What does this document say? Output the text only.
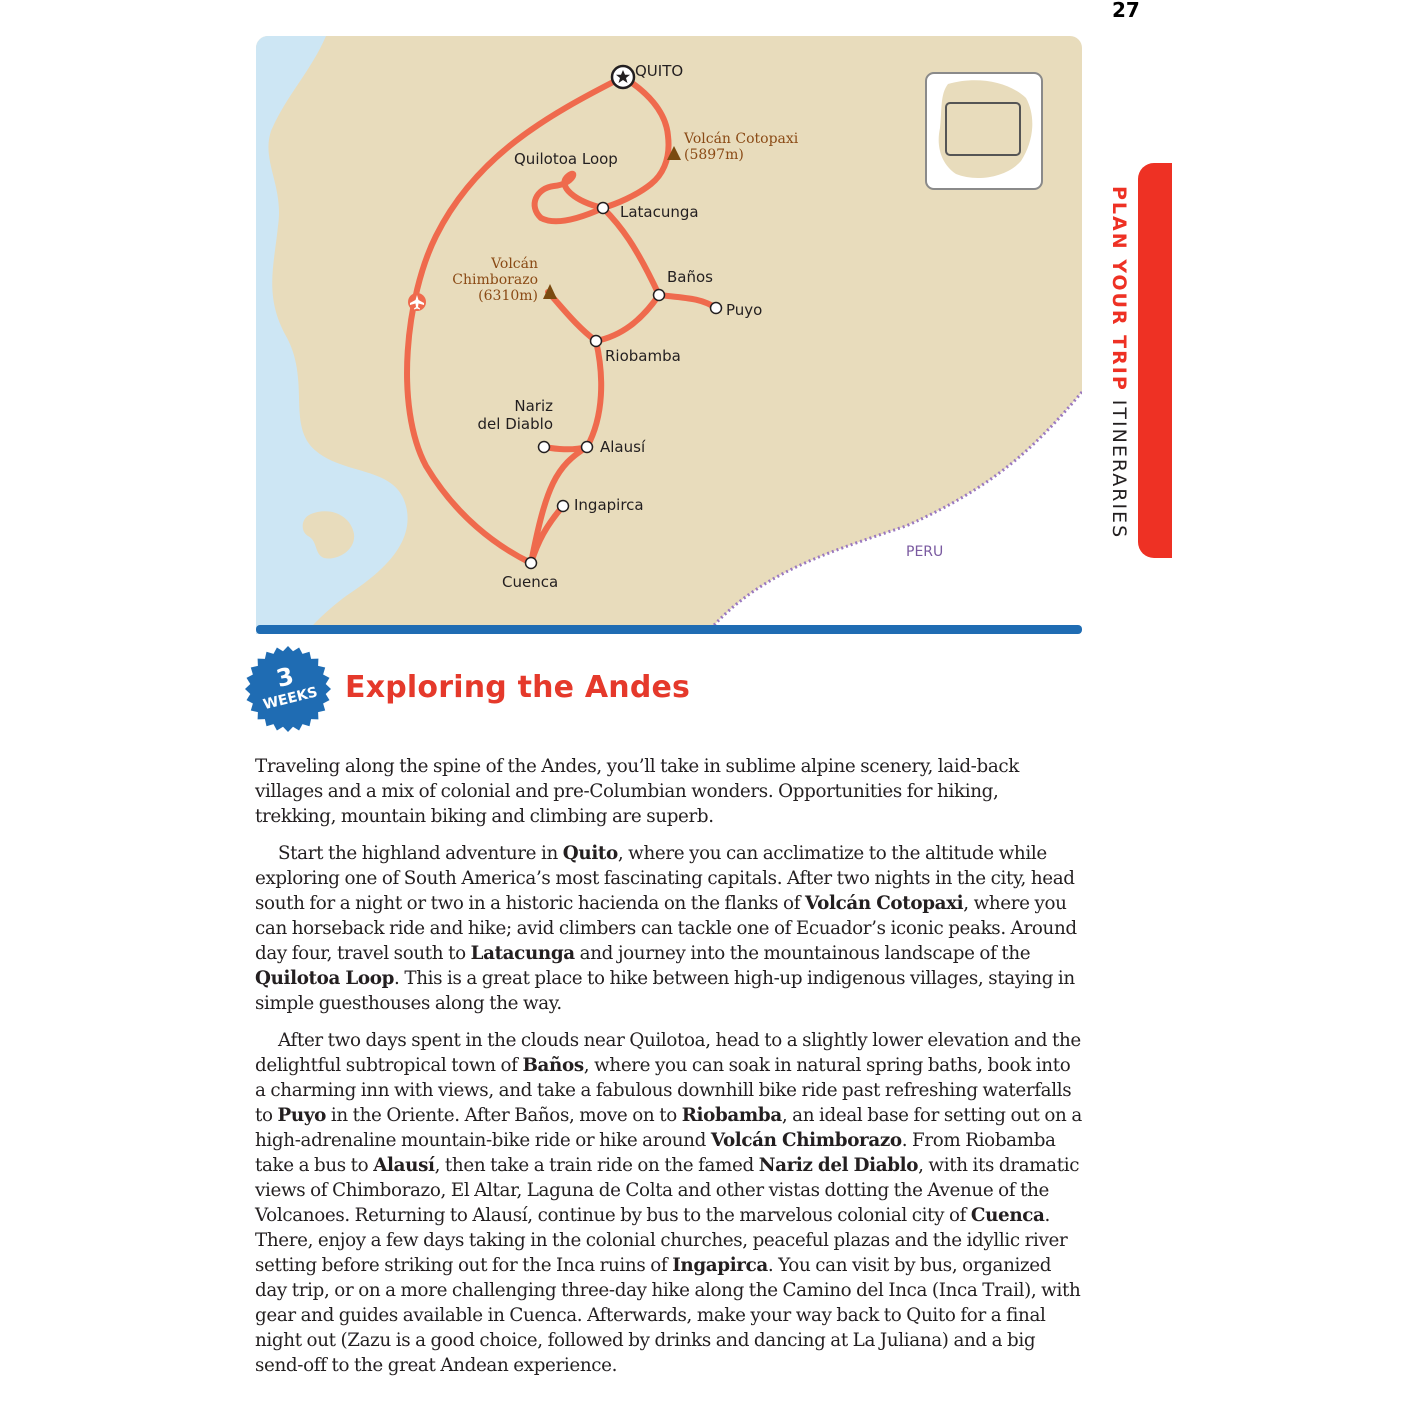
27
PERU
QUITO
Volcán Cotopaxi
(5897m)
Volcán
Chimborazo
(6310m)
Quilotoa Loop
Latacunga
Baños
Puyo
Riobamba
Nariz
del Diablo
Alausí
Ingapirca
Cuenca
PLAN YOUR TRIP ITINERARIES
3
WEEKS Exploring the Andes

Traveling along the spine of the Andes, you’ll take in sublime alpine scenery, laid-back villages and a mix of colonial and pre-Columbian wonders. Opportunities for hiking, trekking, mountain biking and climbing are superb.

Start the highland adventure in Quito, where you can acclimatize to the altitude while exploring one of South America’s most fascinating capitals. After two nights in the city, head south for a night or two in a historic hacienda on the flanks of Volcán Cotopaxi, where you can horseback ride and hike; avid climbers can tackle one of Ecuador’s iconic peaks. Around day four, travel south to Latacunga and journey into the mountainous landscape of the Quilotoa Loop. This is a great place to hike between high-up indigenous villages, staying in simple guesthouses along the way.

After two days spent in the clouds near Quilotoa, head to a slightly lower elevation and the delightful subtropical town of Baños, where you can soak in natural spring baths, book into a charming inn with views, and take a fabulous downhill bike ride past refreshing waterfalls to Puyo in the Oriente. After Baños, move on to Riobamba, an ideal base for setting out on a high-adrenaline mountain-bike ride or hike around Volcán Chimborazo. From Riobamba take a bus to Alausí, then take a train ride on the famed Nariz del Diablo, with its dramatic views of Chimborazo, El Altar, Laguna de Colta and other vistas dotting the Avenue of the Volcanoes. Returning to Alausí, continue by bus to the marvelous colonial city of Cuenca. There, enjoy a few days taking in the colonial churches, peaceful plazas and the idyllic river setting before striking out for the Inca ruins of Ingapirca. You can visit by bus, organized day trip, or on a more challenging three-day hike along the Camino del Inca (Inca Trail), with gear and guides available in Cuenca. Afterwards, make your way back to Quito for a final night out (Zazu is a good choice, followed by drinks and dancing at La Juliana) and a big send-off to the great Andean experience.
